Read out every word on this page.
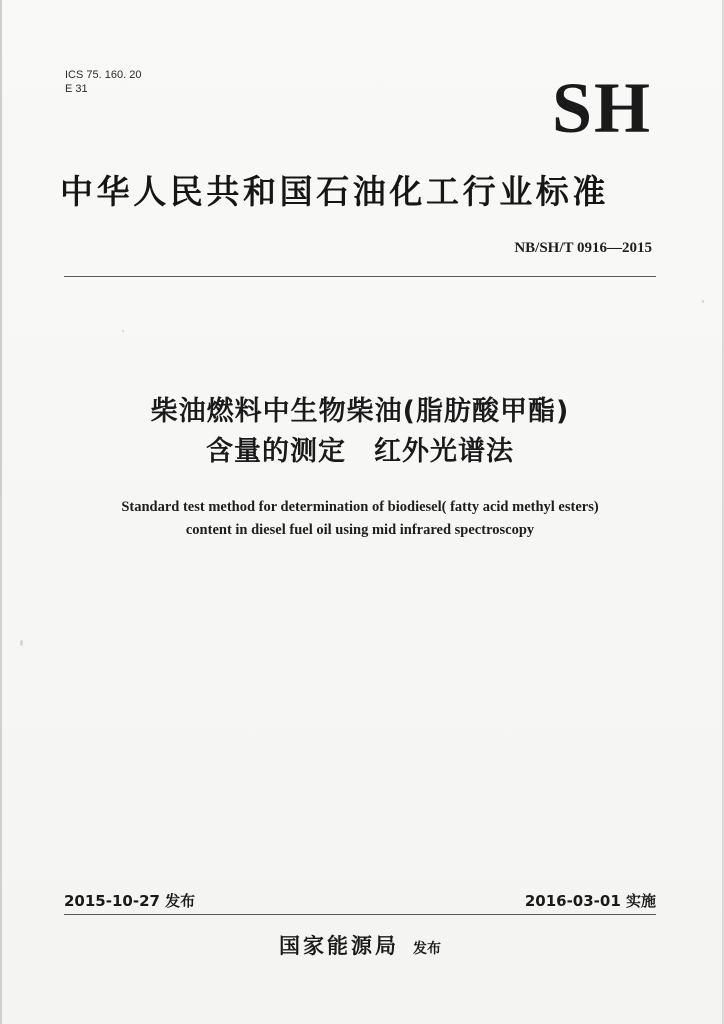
ICS 75. 160. 20
E 31	SH
中华人民共和国石油化工行业标准
NB/SH/T 0916—2015
柴油燃料中生物柴油(脂肪酸甲酯)
含量的测定　红外光谱法
Standard test method for determination of biodiesel( fatty acid methyl esters)
content in diesel fuel oil using mid infrared spectroscopy
2015-10-27 发布	2016-03-01 实施
国家能源局 发布
